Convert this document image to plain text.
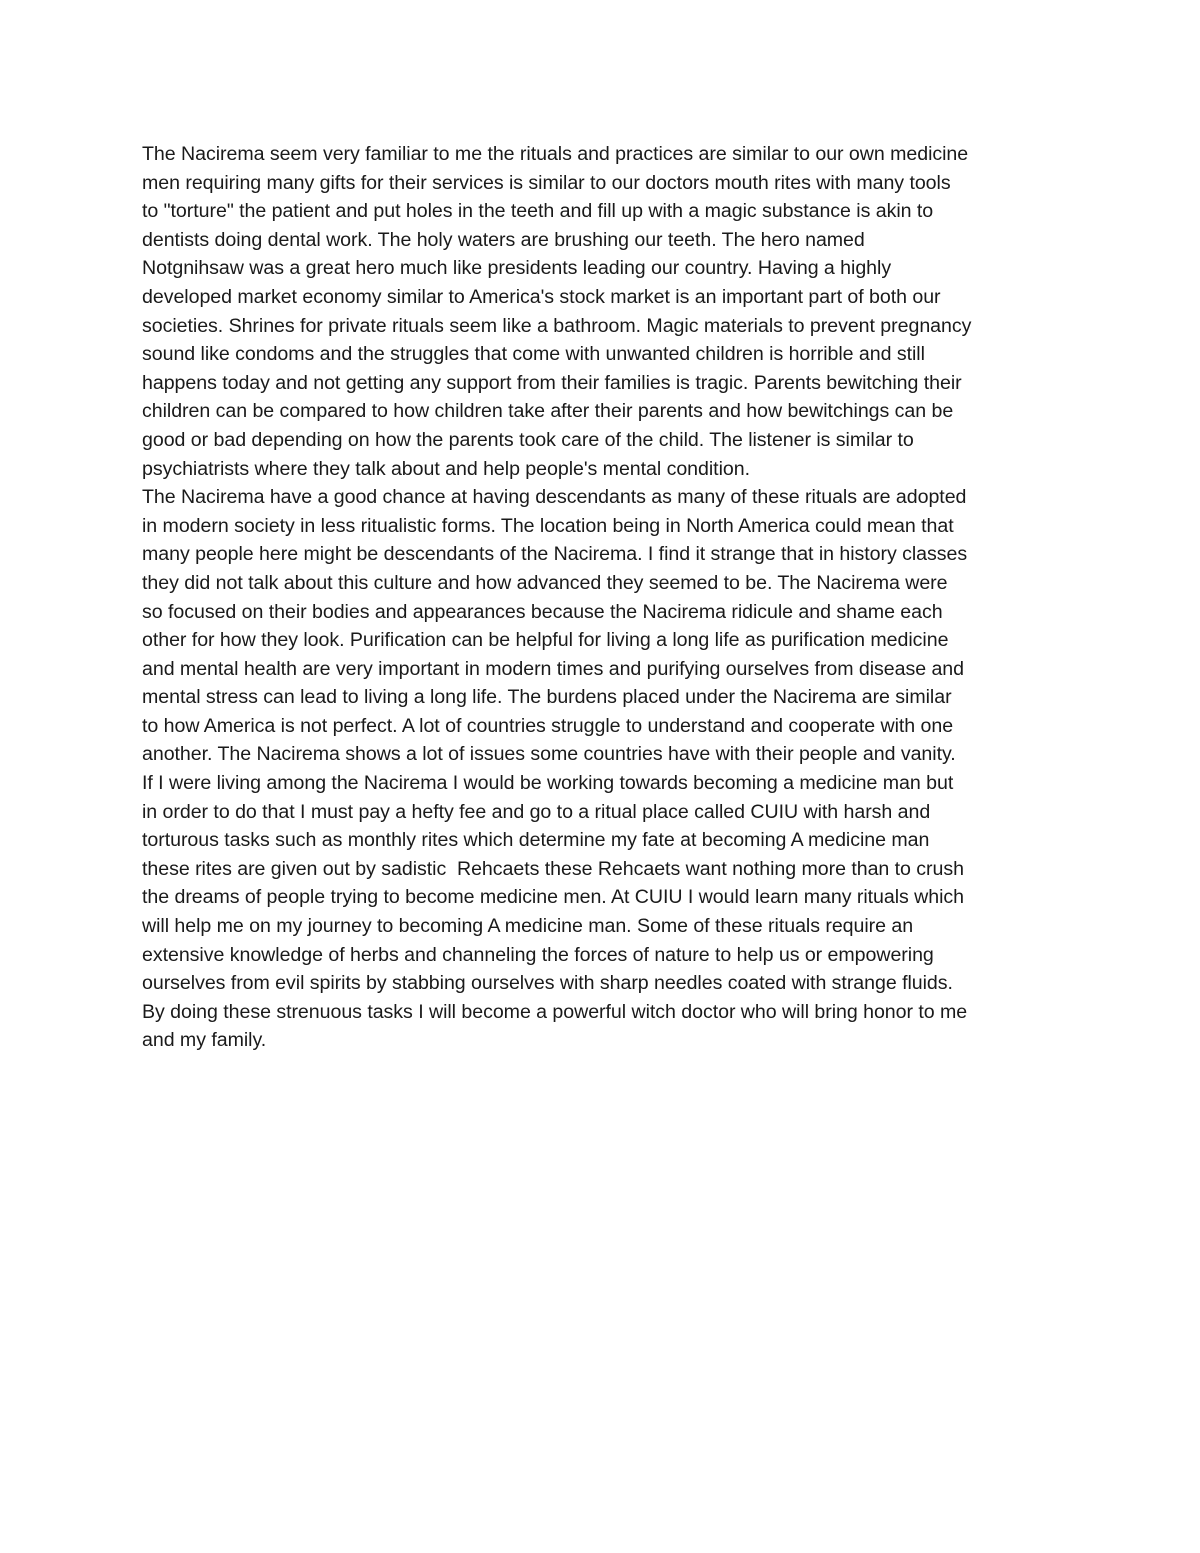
The Nacirema seem very familiar to me the rituals and practices are similar to our own medicine
men requiring many gifts for their services is similar to our doctors mouth rites with many tools
to "torture" the patient and put holes in the teeth and fill up with a magic substance is akin to
dentists doing dental work. The holy waters are brushing our teeth. The hero named
Notgnihsaw was a great hero much like presidents leading our country. Having a highly
developed market economy similar to America's stock market is an important part of both our
societies. Shrines for private rituals seem like a bathroom. Magic materials to prevent pregnancy
sound like condoms and the struggles that come with unwanted children is horrible and still
happens today and not getting any support from their families is tragic. Parents bewitching their
children can be compared to how children take after their parents and how bewitchings can be
good or bad depending on how the parents took care of the child. The listener is similar to
psychiatrists where they talk about and help people's mental condition.
The Nacirema have a good chance at having descendants as many of these rituals are adopted
in modern society in less ritualistic forms. The location being in North America could mean that
many people here might be descendants of the Nacirema. I find it strange that in history classes
they did not talk about this culture and how advanced they seemed to be. The Nacirema were
so focused on their bodies and appearances because the Nacirema ridicule and shame each
other for how they look. Purification can be helpful for living a long life as purification medicine
and mental health are very important in modern times and purifying ourselves from disease and
mental stress can lead to living a long life. The burdens placed under the Nacirema are similar
to how America is not perfect. A lot of countries struggle to understand and cooperate with one
another. The Nacirema shows a lot of issues some countries have with their people and vanity.
If I were living among the Nacirema I would be working towards becoming a medicine man but
in order to do that I must pay a hefty fee and go to a ritual place called CUIU with harsh and
torturous tasks such as monthly rites which determine my fate at becoming A medicine man
these rites are given out by sadistic  Rehcaets these Rehcaets want nothing more than to crush
the dreams of people trying to become medicine men. At CUIU I would learn many rituals which
will help me on my journey to becoming A medicine man. Some of these rituals require an
extensive knowledge of herbs and channeling the forces of nature to help us or empowering
ourselves from evil spirits by stabbing ourselves with sharp needles coated with strange fluids.
By doing these strenuous tasks I will become a powerful witch doctor who will bring honor to me
and my family.
